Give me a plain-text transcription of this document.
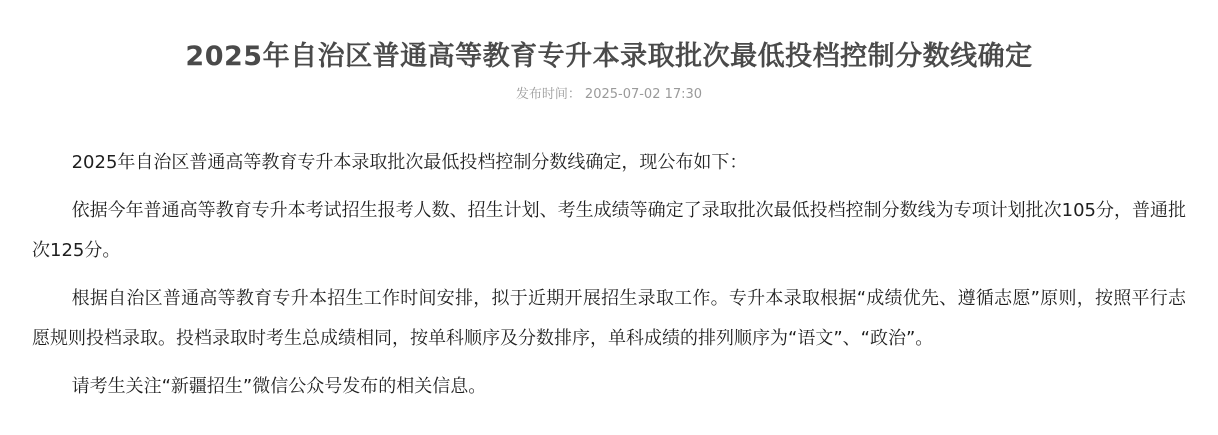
2025年自治区普通高等教育专升本录取批次最低投档控制分数线确定
发布时间： 2025-07-02 17:30

2025年自治区普通高等教育专升本录取批次最低投档控制分数线确定，现公布如下：

依据今年普通高等教育专升本考试招生报考人数、招生计划、考生成绩等确定了录取批次最低投档控制分数线为专项计划批次105分，普通批次125分。

根据自治区普通高等教育专升本招生工作时间安排，拟于近期开展招生录取工作。专升本录取根据“成绩优先、遵循志愿”原则，按照平行志愿规则投档录取。投档录取时考生总成绩相同，按单科顺序及分数排序，单科成绩的排列顺序为“语文”、“政治”。

请考生关注“新疆招生”微信公众号发布的相关信息。
